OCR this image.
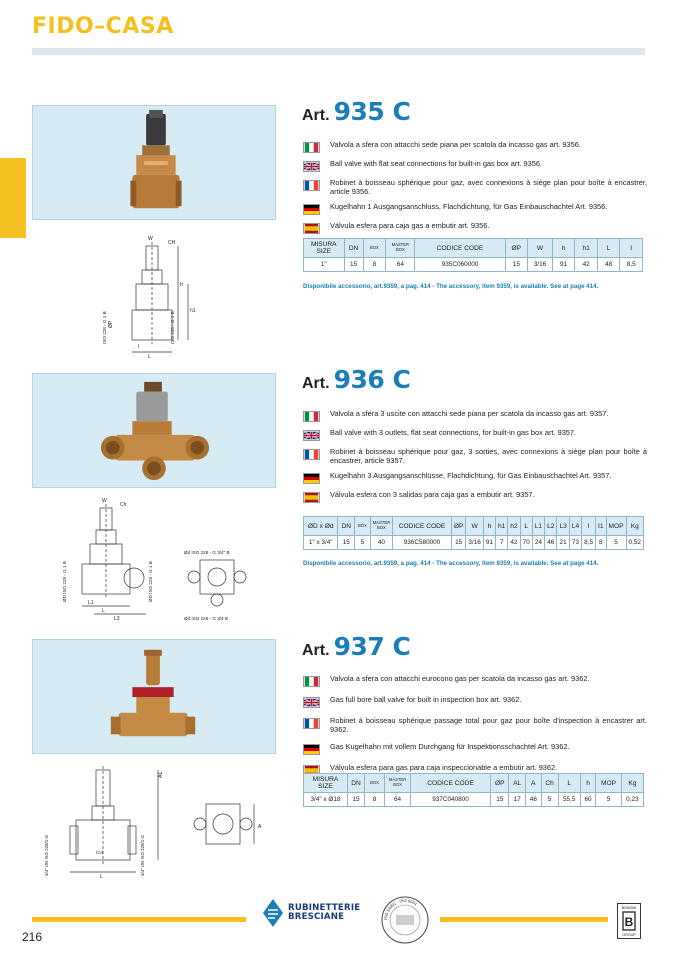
FIDO–CASA
Art. 935 C
Valvola a sfera con attacchi sede piana per scatola da incasso gas art. 9356.
Ball valve with flat seat connections for built-in gas box art. 9356.
Robinet à boisseau sphérique pour gaz, avec connexions à siège plan pour boîte à encastrer, article 9356.
Kugelhahn 1 Ausgangsanschluss, Flachdichtung, für Gas Einbauschachtel Art. 9356.
Válvula esfera para caja gas a embutir art. 9356.
W
CH
h
h1
L
I
ØP
ISO 228 - G 1 B	ISO 228 - G 1 B
MISURA SIZE	DN	BOX	MASTER BOX	CODICE CODE	ØP	W	h	h1	L	I
1"	15	8	64	935C060000	15	3/16	91	42	48	8,5
Disponibile accessorio, art.9359, a pag. 414 - The accessory, item 9359, is available. See at page 414.
Art. 936 C
Valvola a sfera 3 uscite con attacchi sede piana per scatola da incasso gas art. 9357.
Ball valve with 3 outlets, flat seat connections, for built-in gas box art. 9357.
Robinet à boisseau sphérique pour gaz, 3 sorties, avec connexions à siège plan pour boîte à encastrer, article 9357.
Kugelhahn 3 Ausgangsanschlüsse, Flachdichtung, für Gas Einbauschachtel Art. 9357.
Válvula esfera con 3 salidas para caja gas a embutir art. 9357.
W
Ch
L
L1
L3
ØD ISO 228 - G 1 B	ØD ISO 228 - G 1 B
Ød ISO 228 - G 3/4" B
Ød ISO 228 - G 3/4 B
ØD x Ød	DN	BOX	MASTER BOX	CODICE CODE	ØP	W	h	h1	h2	L	L1	L2	L3	L4	I	I1	MOP	Kg
1" x 3/4"	15	5	40	936C580000	15	3/16	91	7	42	70	24	46	21	73	8,5	8	5	0,52
Disponibile accessorio, art.9359, a pag. 414 - The accessory, item 9359, is available. See at page 414.
Art. 937 C
Valvola a sfera con attacchi eurocono gas per scatola da incasso gas art. 9362.
Gas full bore ball valve for built in inspection box art. 9362.
Robinet à boisseau sphérique passage total pour gaz pour boîte d'inspection à encastrer art. 9362.
Gas Kugelhahn mit vollem Durchgang für Inspektionsschachtel Art. 9362.
Válvula esfera para gas para caja inspeccionable a embutir art. 9362.
AL
L
A
CH
3/4" UN ISO 228/1-G	3/4" UN ISO 228/1-G
MISURA SIZE	DN	BOX	MASTER BOX	CODICE CODE	ØP	AL	A	Ch	L	h	MOP	Kg
3/4" x Ø18	15	8	64	937C040800	15	17	46	5	55,5	60	5	0,23
216
RUBINETTERIE
BRESCIANE	ISO 14001 · ISO 9001
BONOMI
B
GROUP
